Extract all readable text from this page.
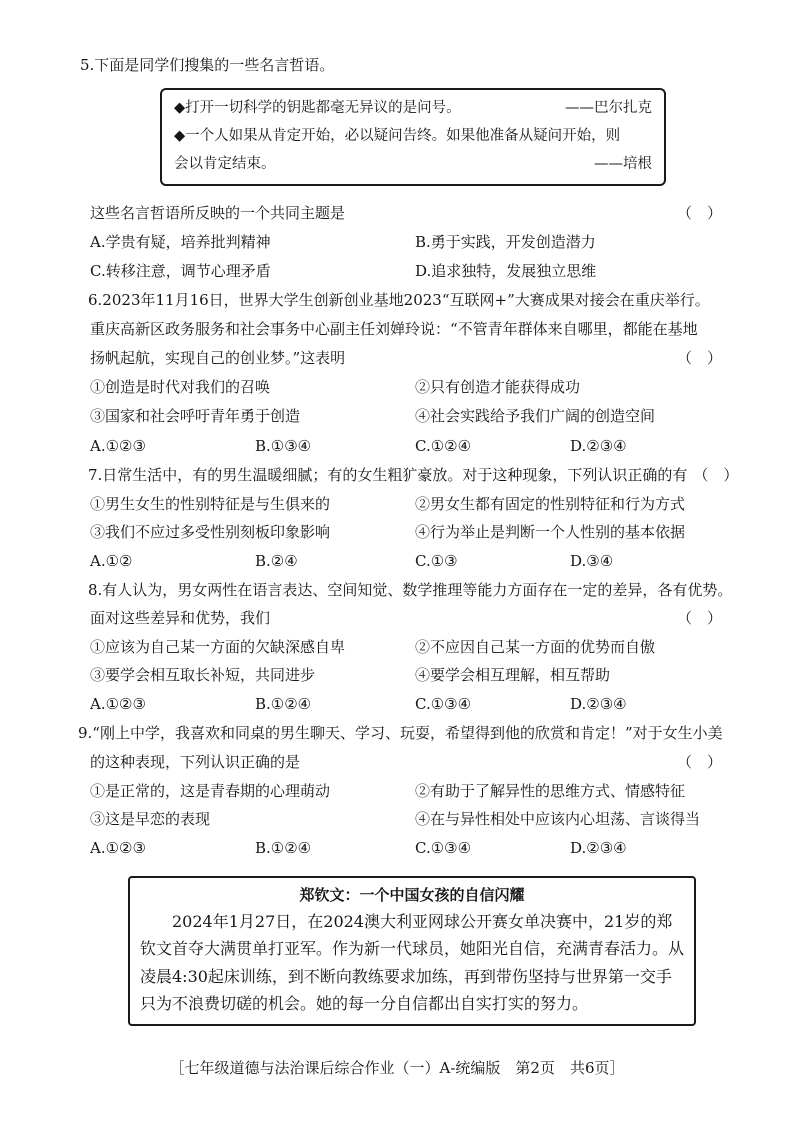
5.下面是同学们搜集的一些名言哲语。
◆打开一切科学的钥匙都毫无异议的是问号。	——巴尔扎克
◆一个人如果从肯定开始，必以疑问告终。如果他准备从疑问开始，则
会以肯定结束。	——培根
这些名言哲语所反映的一个共同主题是	（　）
A.学贵有疑，培养批判精神	B.勇于实践，开发创造潜力
C.转移注意，调节心理矛盾	D.追求独特，发展独立思维
6.2023年11月16日，世界大学生创新创业基地2023“互联网+”大赛成果对接会在重庆举行。
重庆高新区政务服务和社会事务中心副主任刘婵玲说：“不管青年群体来自哪里，都能在基地
扬帆起航，实现自己的创业梦。”这表明	（　）
①创造是时代对我们的召唤	②只有创造才能获得成功
③国家和社会呼吁青年勇于创造	④社会实践给予我们广阔的创造空间
A.①②③	B.①③④	C.①②④	D.②③④
7.日常生活中，有的男生温暖细腻；有的女生粗犷豪放。对于这种现象，下列认识正确的有 （　）
①男生女生的性别特征是与生俱来的	②男女生都有固定的性别特征和行为方式
③我们不应过多受性别刻板印象影响	④行为举止是判断一个人性别的基本依据
A.①②	B.②④	C.①③	D.③④
8.有人认为，男女两性在语言表达、空间知觉、数学推理等能力方面存在一定的差异，各有优势。
面对这些差异和优势，我们	（　）
①应该为自己某一方面的欠缺深感自卑	②不应因自己某一方面的优势而自傲
③要学会相互取长补短，共同进步	④要学会相互理解，相互帮助
A.①②③	B.①②④	C.①③④	D.②③④
9.“刚上中学，我喜欢和同桌的男生聊天、学习、玩耍，希望得到他的欣赏和肯定！”对于女生小美
的这种表现，下列认识正确的是	（　）
①是正常的，这是青春期的心理萌动	②有助于了解异性的思维方式、情感特征
③这是早恋的表现	④在与异性相处中应该内心坦荡、言谈得当
A.①②③	B.①②④	C.①③④	D.②③④
郑钦文：一个中国女孩的自信闪耀
2024年1月27日，在2024澳大利亚网球公开赛女单决赛中，21岁的郑
钦文首夺大满贯单打亚军。作为新一代球员，她阳光自信，充满青春活力。从
凌晨4:30起床训练，到不断向教练要求加练，再到带伤坚持与世界第一交手
只为不浪费切磋的机会。她的每一分自信都出自实打实的努力。
［七年级道德与法治课后综合作业（一）A-统编版　第2页　共6页］
